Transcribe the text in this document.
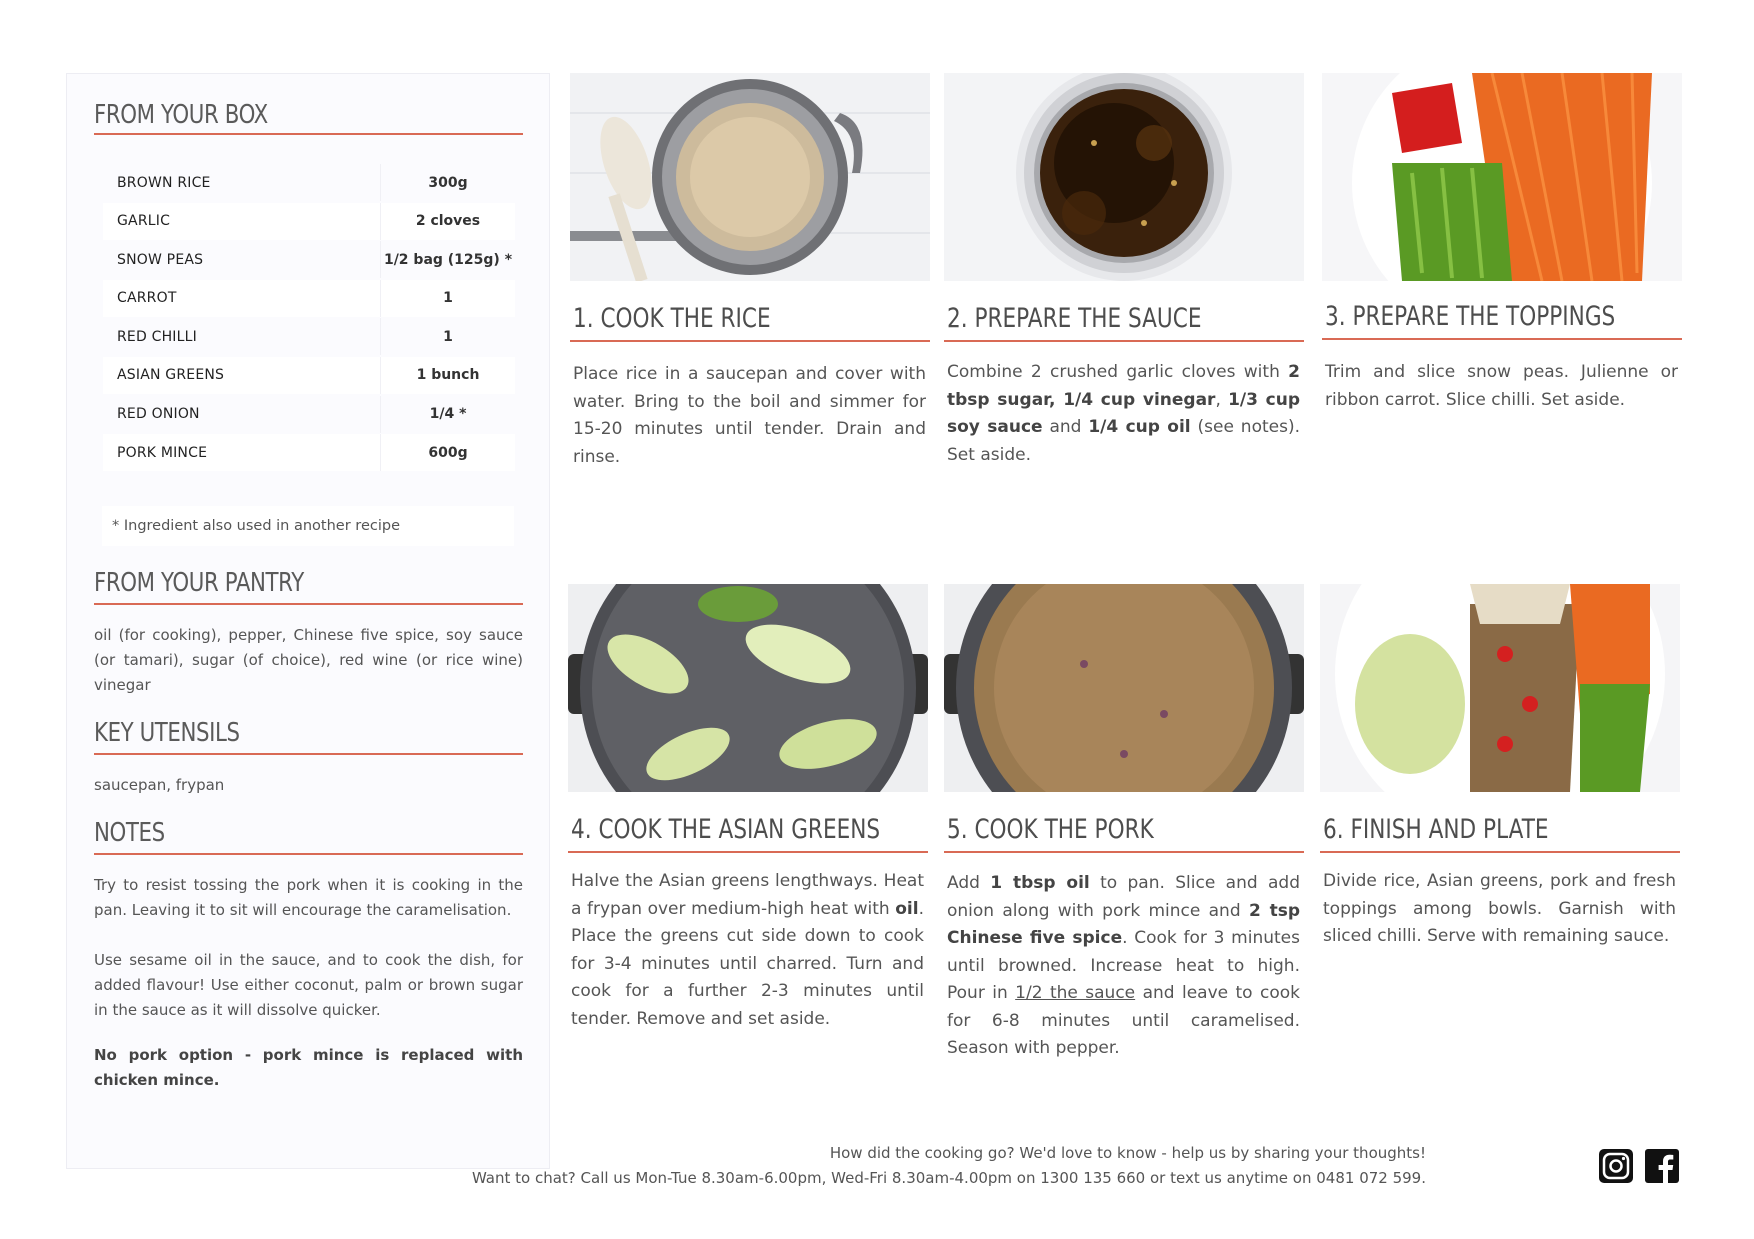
FROM YOUR BOX
BROWN RICE	300g
GARLIC	2 cloves
SNOW PEAS	1/2 bag (125g) *
CARROT	1
RED CHILLI	1
ASIAN GREENS	1 bunch
RED ONION	1/4 *
PORK MINCE	600g
* Ingredient also used in another recipe
FROM YOUR PANTRY
oil (for cooking), pepper, Chinese five spice, soy sauce (or tamari), sugar (of choice), red wine (or rice wine) vinegar
KEY UTENSILS
saucepan, frypan
NOTES
Try to resist tossing the pork when it is cooking in the pan. Leaving it to sit will encourage the caramelisation.
Use sesame oil in the sauce, and to cook the dish, for added flavour! Use either coconut, palm or brown sugar in the sauce as it will dissolve quicker.
No pork option - pork mince is replaced with chicken mince.
1. COOK THE RICE
Place rice in a saucepan and cover with water. Bring to the boil and simmer for 15-20 minutes until tender. Drain and rinse.
2. PREPARE THE SAUCE
Combine 2 crushed garlic cloves with 2 tbsp sugar, 1/4 cup vinegar, 1/3 cup soy sauce and 1/4 cup oil (see notes). Set aside.
3. PREPARE THE TOPPINGS
Trim and slice snow peas. Julienne or ribbon carrot. Slice chilli. Set aside.
4. COOK THE ASIAN GREENS
Halve the Asian greens lengthways. Heat a frypan over medium-high heat with oil. Place the greens cut side down to cook for 3-4 minutes until charred. Turn and cook for a further 2-3 minutes until tender. Remove and set aside.
5. COOK THE PORK
Add 1 tbsp oil to pan. Slice and add onion along with pork mince and 2 tsp Chinese five spice. Cook for 3 minutes until browned. Increase heat to high. Pour in 1/2 the sauce and leave to cook for 6-8 minutes until caramelised. Season with pepper.
6. FINISH AND PLATE
Divide rice, Asian greens, pork and fresh toppings among bowls. Garnish with sliced chilli. Serve with remaining sauce.
How did the cooking go? We'd love to know - help us by sharing your thoughts!
Want to chat? Call us Mon-Tue 8.30am-6.00pm, Wed-Fri 8.30am-4.00pm on 1300 135 660 or text us anytime on 0481 072 599.
